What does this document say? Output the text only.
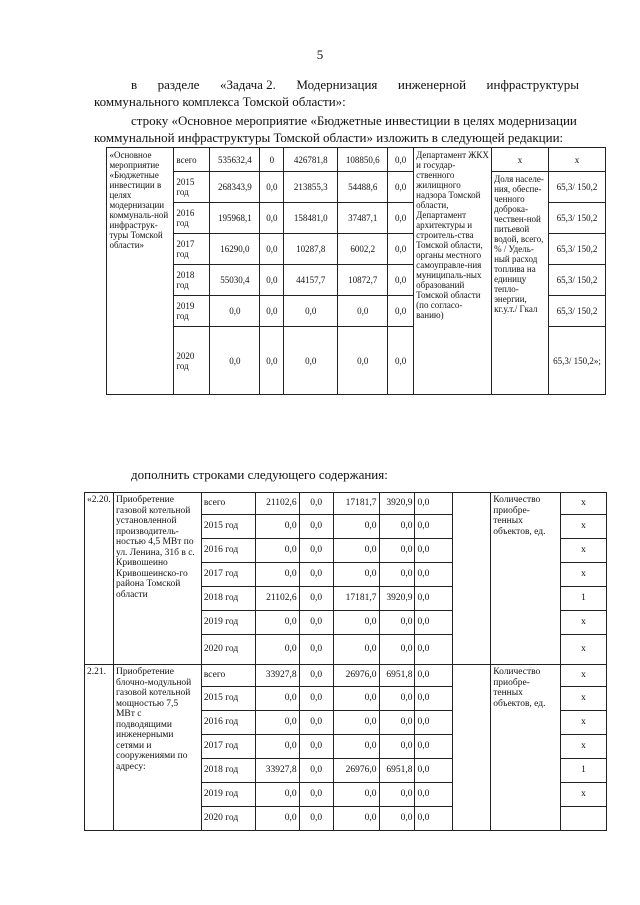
5
в разделе «Задача 2. Модернизация инженерной инфраструктуры
коммунального комплекса Томской области»:
строку «Основное мероприятие «Бюджетные инвестиции в целях модернизации
коммунальной инфраструктуры Томской области» изложить в следующей редакции:
	«Основное мероприятие «Бюджетные инвестиции в целях модернизации коммуналь-ной инфраструк-туры Томской области»	всего	535632,4	0	426781,8	108850,6	0,0	Департамент ЖКХ и государ-ственного жилищного надзора Томской области, Департамент архитектуры и строитель-ства Томской области, органы местного самоуправле-ния муниципаль-ных образований Томской области (по согласо-ванию)	х	х
		2015 год	268343,9	0,0	213855,3	54488,6	0,0		Доля населе-ния, обеспе-ченного доброка-чествен-ной питьевой водой, всего, % / Удель-ный расход топлива на единицу тепло-энергии, кг.у.т./ Гкал	65,3/ 150,2
		2016 год	195968,1	0,0	158481,0	37487,1	0,0			65,3/ 150,2
		2017 год	16290,0	0,0	10287,8	6002,2	0,0			65,3/ 150,2
		2018 год	55030,4	0,0	44157,7	10872,7	0,0			65,3/ 150,2
		2019 год	0,0	0,0	0,0	0,0	0,0			65,3/ 150,2
		2020 год	0,0	0,0	0,0	0,0	0,0			65,3/ 150,2»;
дополнить строками следующего содержания:
«2.20.	Приобретение газовой котельной установленной производитель-ностью 4,5 МВт по ул. Ленина, 31б в с. Кривошеино Кривошеинско-го района Томской области	всего	21102,6	0,0	17181,7	3920,9	0,0		Количество приобре-тенных объектов, ед.	х
		2015 год	0,0	0,0	0,0	0,0	0,0			х
		2016 год	0,0	0,0	0,0	0,0	0,0			х
		2017 год	0,0	0,0	0,0	0,0	0,0			х
		2018 год	21102,6	0,0	17181,7	3920,9	0,0			1
		2019 год	0,0	0,0	0,0	0,0	0,0			х
		2020 год	0,0	0,0	0,0	0,0	0,0			х
2.21.	Приобретение блочно-модульной газовой котельной мощностью 7,5 МВт с подводящими инженерными сетями и сооружениями по адресу:	всего	33927,8	0,0	26976,0	6951,8	0,0		Количество приобре-тенных объектов, ед.	х
		2015 год	0,0	0,0	0,0	0,0	0,0			х
		2016 год	0,0	0,0	0,0	0,0	0,0			х
		2017 год	0,0	0,0	0,0	0,0	0,0			х
		2018 год	33927,8	0,0	26976,0	6951,8	0,0			1
		2019 год	0,0	0,0	0,0	0,0	0,0			х
		2020 год	0,0	0,0	0,0	0,0	0,0			
